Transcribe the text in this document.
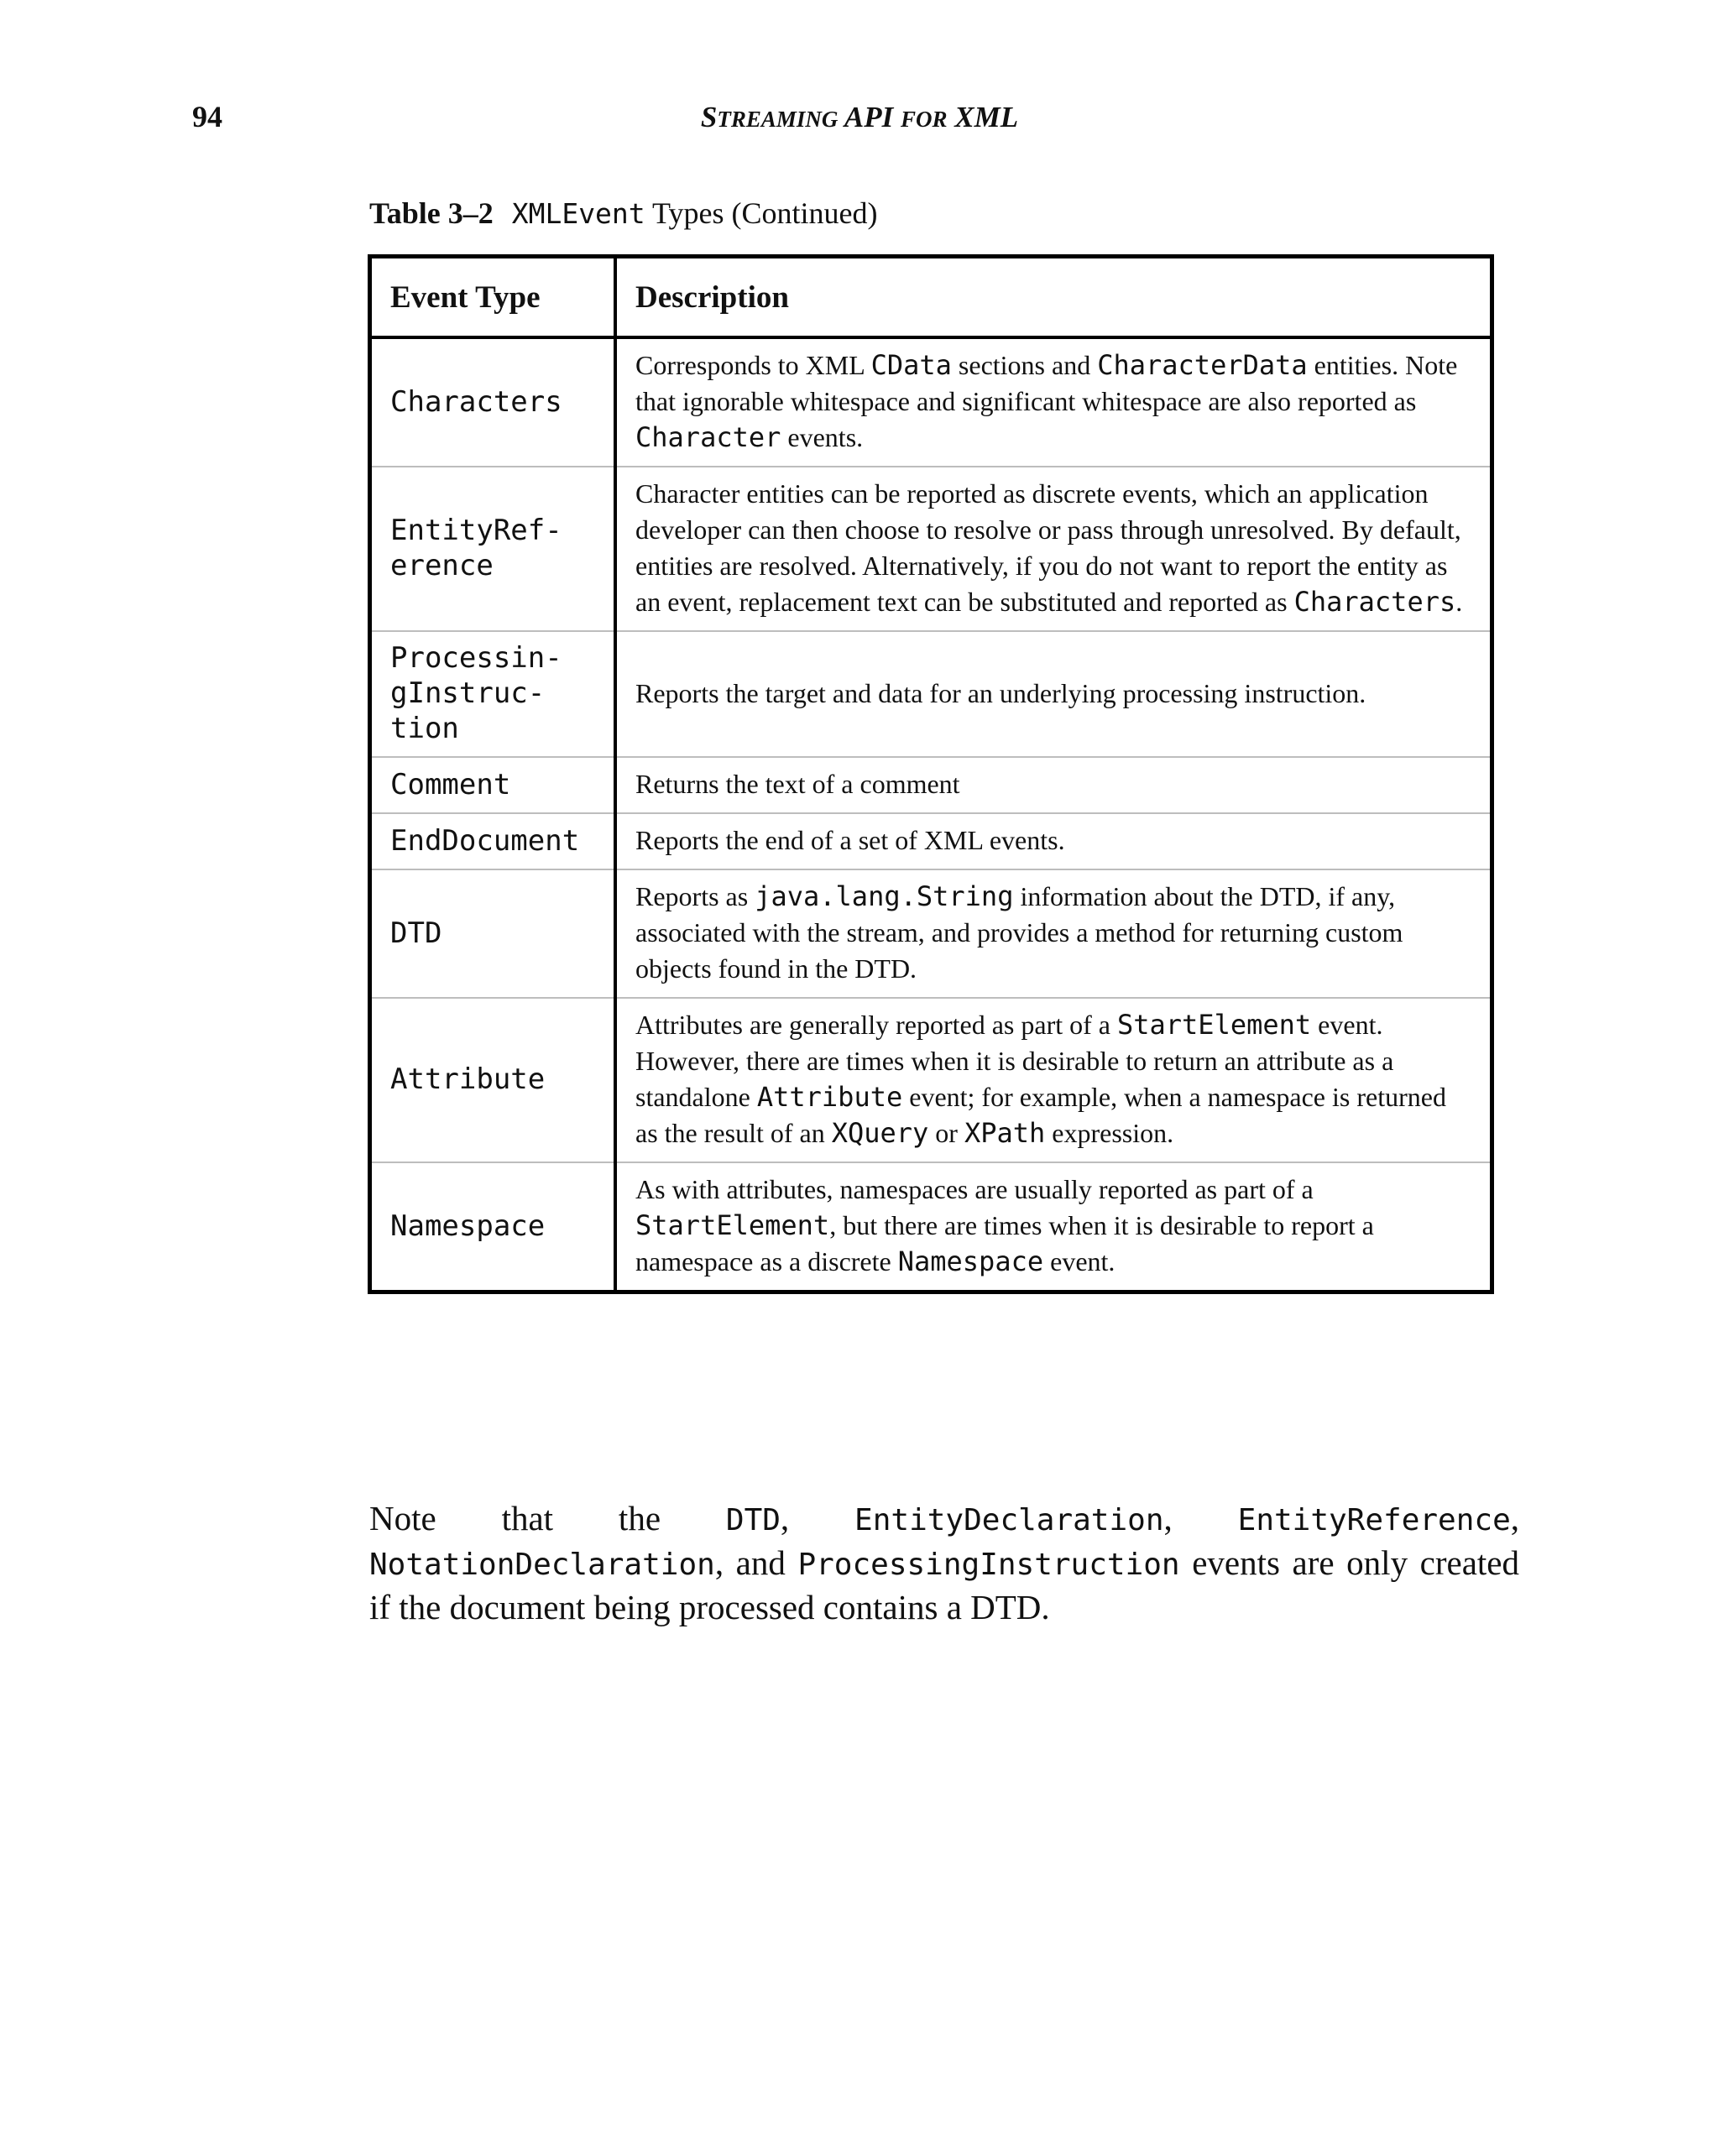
94	STREAMING API FOR XML
Table 3–2 XMLEvent Types (Continued)
Event Type	Description

Characters	Corresponds to XML CData sections and CharacterData entities. Note that ignorable whitespace and significant whitespace are also reported as Character events.

EntityRef-
erence	Character entities can be reported as discrete events, which an application developer can then choose to resolve or pass through unresolved. By default, entities are resolved. Alternatively, if you do not want to report the entity as an event, replacement text can be substituted and reported as Characters.

Processin-
gInstruc-
tion	Reports the target and data for an underlying processing instruction.

Comment	Returns the text of a comment

EndDocument	Reports the end of a set of XML events.

DTD	Reports as java.lang.String information about the DTD, if any, associated with the stream, and provides a method for returning custom objects found in the DTD.

Attribute	Attributes are generally reported as part of a StartElement event. However, there are times when it is desirable to return an attribute as a standalone Attribute event; for example, when a namespace is returned as the result of an XQuery or XPath expression.

Namespace	As with attributes, namespaces are usually reported as part of a StartElement, but there are times when it is desirable to report a namespace as a discrete Namespace event.
Note that the DTD, EntityDeclaration, EntityReference, NotationDeclaration, and ProcessingInstruction events are only created if the document being processed contains a DTD.
